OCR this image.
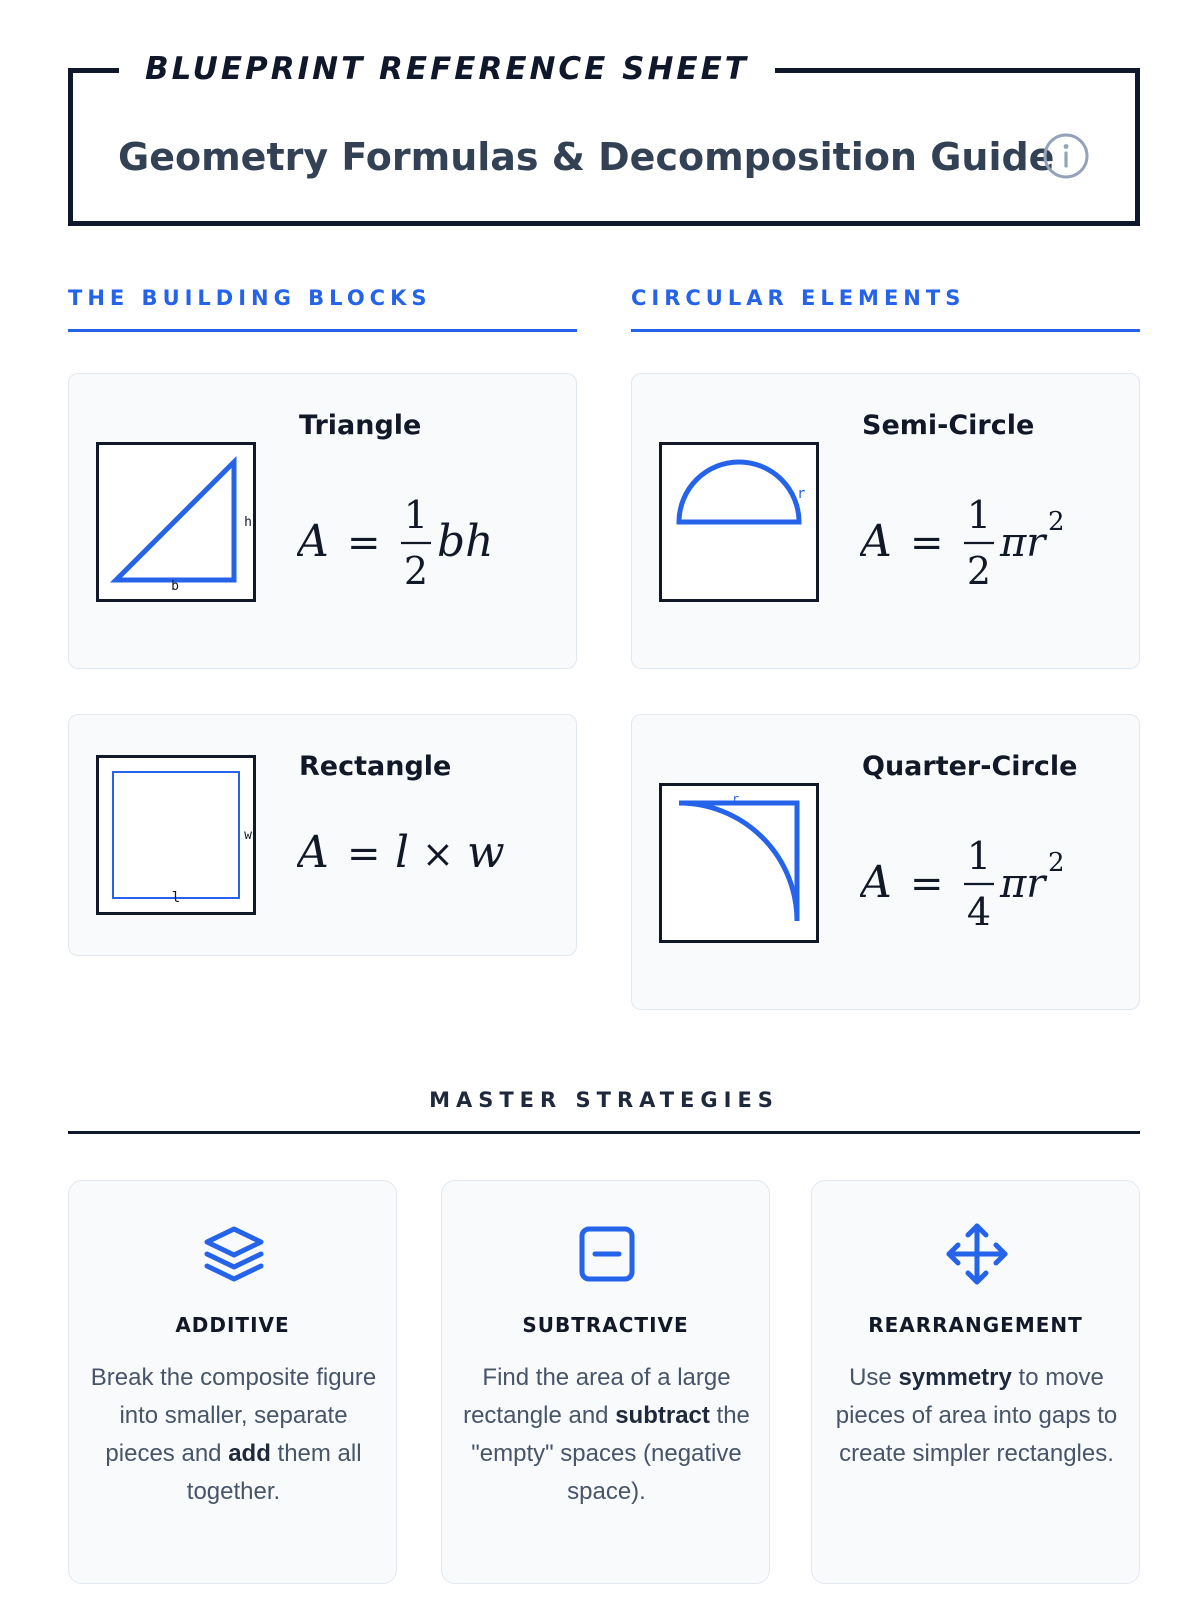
BLUEPRINT REFERENCE SHEET
Geometry Formulas & Decomposition Guide
THE BUILDING BLOCKS	CIRCULAR ELEMENTS
b
h
Triangle
A =
1
2
bh
l
w
Rectangle
A = l × w
r
Semi-Circle
A =
1
2
πr 2
r
Quarter-Circle
A =
1
4
πr 2
MASTER STRATEGIES
ADDITIVE
Break the composite figure into smaller, separate pieces and add them all together.
SUBTRACTIVE
Find the area of a large rectangle and subtract the "empty" spaces (negative space).
REARRANGEMENT
Use symmetry to move pieces of area into gaps to create simpler rectangles.
